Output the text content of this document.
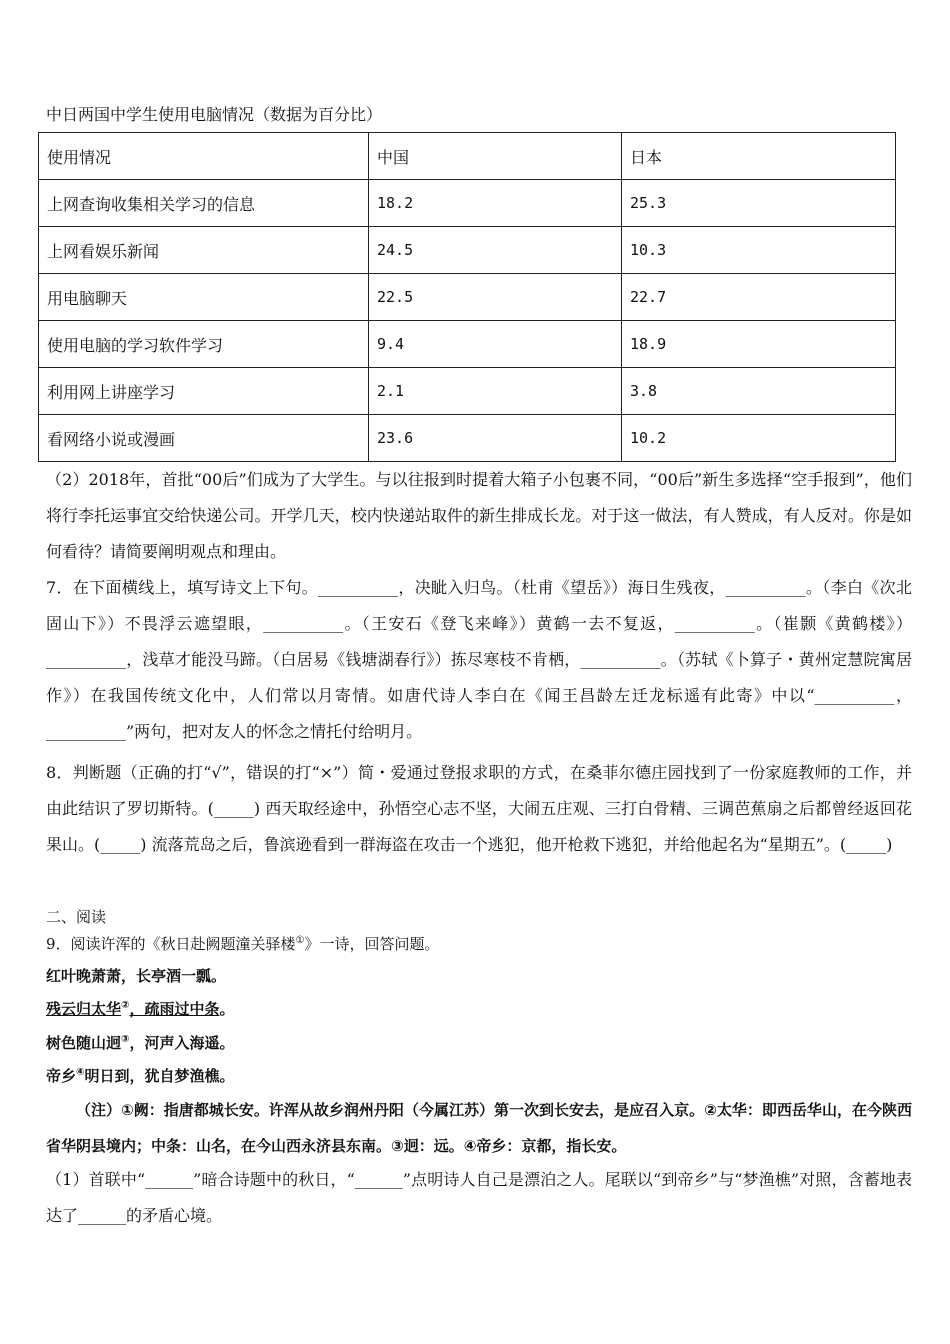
中日两国中学生使用电脑情况（数据为百分比）
使用情况	中国	日本
上网查询收集相关学习的信息	18.2	25.3
上网看娱乐新闻	24.5	10.3
用电脑聊天	22.5	22.7
使用电脑的学习软件学习	9.4	18.9
利用网上讲座学习	2.1	3.8
看网络小说或漫画	23.6	10.2
（2）2018年，首批“00后”们成为了大学生。与以往报到时提着大箱子小包裹不同，“00后”新生多选择“空手报到”，他们将行李托运事宜交给快递公司。开学几天，校内快递站取件的新生排成长龙。对于这一做法，有人赞成，有人反对。你是如何看待？请简要阐明观点和理由。
7．在下面横线上，填写诗文上下句。__________，决眦入归鸟。（杜甫《望岳》）海日生残夜，__________。（李白《次北固山下》）不畏浮云遮望眼，__________。（王安石《登飞来峰》）黄鹤一去不复返，__________。（崔颢《黄鹤楼》）__________，浅草才能没马蹄。（白居易《钱塘湖春行》）拣尽寒枝不肯栖，__________。（苏轼《卜算子・黄州定慧院寓居作》）在我国传统文化中，人们常以月寄情。如唐代诗人李白在《闻王昌龄左迁龙标遥有此寄》中以“__________，__________”两句，把对友人的怀念之情托付给明月。
8．判断题（正确的打“√”，错误的打“×”）简・爱通过登报求职的方式，在桑菲尔德庄园找到了一份家庭教师的工作，并由此结识了罗切斯特。(_____) 西天取经途中，孙悟空心志不坚，大闹五庄观、三打白骨精、三调芭蕉扇之后都曾经返回花果山。(_____) 流落荒岛之后，鲁滨逊看到一群海盗在攻击一个逃犯，他开枪救下逃犯，并给他起名为“星期五”。(_____)
二、阅读
9．阅读许浑的《秋日赴阙题潼关驿楼①》一诗，回答问题。
红叶晚萧萧，长亭酒一瓢。
残云归太华②，疏雨过中条。
树色随山迥③，河声入海遥。
帝乡④明日到，犹自梦渔樵。
（注）①阙：指唐都城长安。许浑从故乡润州丹阳（今属江苏）第一次到长安去，是应召入京。②太华：即西岳华山，在今陕西省华阴县境内；中条：山名，在今山西永济县东南。③迥：远。④帝乡：京都，指长安。
（1）首联中“______”暗合诗题中的秋日，“______”点明诗人自己是漂泊之人。尾联以“到帝乡”与“梦渔樵”对照，含蓄地表达了______的矛盾心境。
